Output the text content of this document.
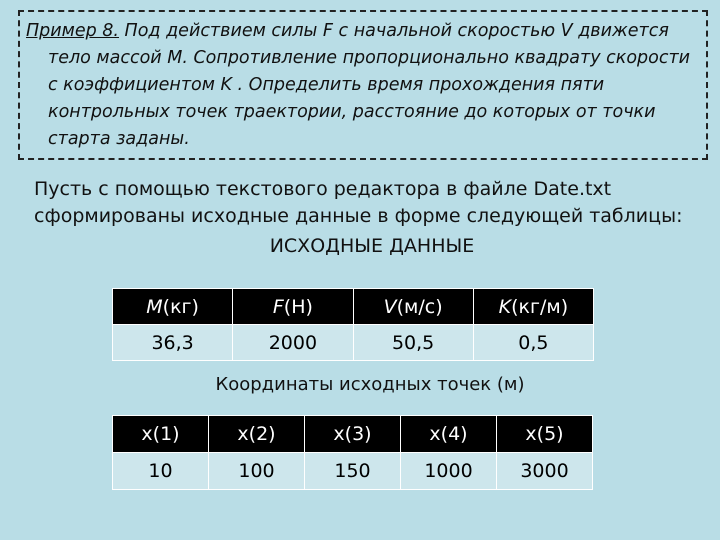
Пример 8. Под действием силы F с начальной скоростью V движется тело массой M. Сопротивление пропорционально квадрату скорости с коэффициентом K . Определить время прохождения пяти контрольных точек траектории, расстояние до которых от точки старта заданы.

Пусть с помощью текстового редактора в файле Date.txt сформированы исходные данные в форме следующей таблицы:

ИСХОДНЫЕ ДАННЫЕ

M(кг)	F(Н)	V(м/с)	K(кг/м)
36,3	2000	50,5	0,5

Координаты исходных точек (м)

x(1)	x(2)	x(3)	x(4)	x(5)
10	100	150	1000	3000
